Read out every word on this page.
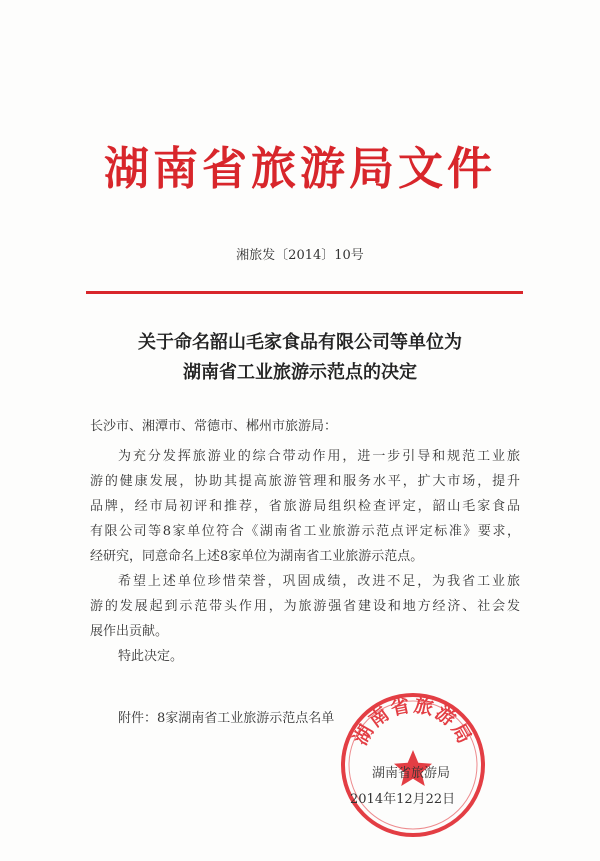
湖南省旅游局文件
湘旅发〔2014〕10号
关于命名韶山毛家食品有限公司等单位为
湖南省工业旅游示范点的决定
长沙市、湘潭市、常德市、郴州市旅游局：

为充分发挥旅游业的综合带动作用，进一步引导和规范工业旅
游的健康发展，协助其提高旅游管理和服务水平，扩大市场，提升
品牌，经市局初评和推荐，省旅游局组织检查评定，韶山毛家食品
有限公司等8家单位符合《湖南省工业旅游示范点评定标准》要求，
经研究，同意命名上述8家单位为湖南省工业旅游示范点。

希望上述单位珍惜荣誉，巩固成绩，改进不足，为我省工业旅
游的发展起到示范带头作用，为旅游强省建设和地方经济、社会发
展作出贡献。

特此决定。

附件：8家湖南省工业旅游示范点名单
湖南省旅游局
湖南省旅游局
2014年12月22日
